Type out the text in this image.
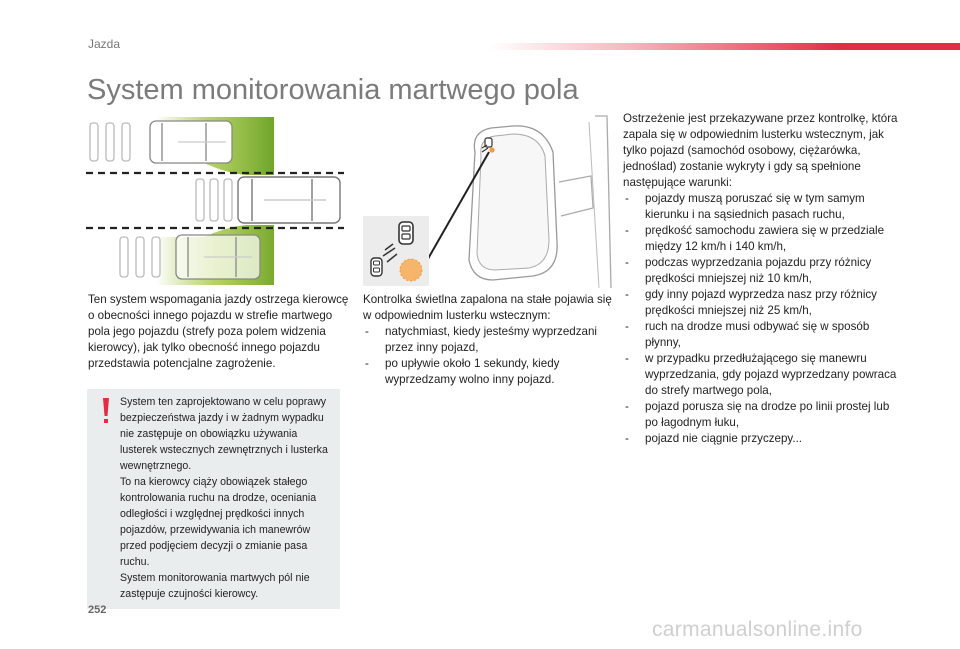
Jazda
System monitorowania martwego pola
Ten system wspomagania jazdy ostrzega kierowcę o obecności innego pojazdu w strefie martwego pola jego pojazdu (strefy poza polem widzenia kierowcy), jak tylko obecność innego pojazdu przedstawia potencjalne zagrożenie.
System ten zaprojektowano w celu poprawy bezpieczeństwa jazdy i w żadnym wypadku nie zastępuje on obowiązku używania lusterek wstecznych zewnętrznych i lusterka wewnętrznego.
To na kierowcy ciąży obowiązek stałego kontrolowania ruchu na drodze, oceniania odległości i względnej prędkości innych pojazdów, przewidywania ich manewrów przed podjęciem decyzji o zmianie pasa ruchu.
System monitorowania martwych pól nie zastępuje czujności kierowcy.
Kontrolka świetlna zapalona na stałe pojawia się w odpowiednim lusterku wstecznym:
- natychmiast, kiedy jesteśmy wyprzedzani przez inny pojazd,
- po upływie około 1 sekundy, kiedy wyprzedzamy wolno inny pojazd.
Ostrzeżenie jest przekazywane przez kontrolkę, która zapala się w odpowiednim lusterku wstecznym, jak tylko pojazd (samochód osobowy, ciężarówka, jednoślad) zostanie wykryty i gdy są spełnione następujące warunki:
- pojazdy muszą poruszać się w tym samym kierunku i na sąsiednich pasach ruchu,
- prędkość samochodu zawiera się w przedziale między 12 km/h i 140 km/h,
- podczas wyprzedzania pojazdu przy różnicy prędkości mniejszej niż 10 km/h,
- gdy inny pojazd wyprzedza nasz przy różnicy prędkości mniejszej niż 25 km/h,
- ruch na drodze musi odbywać się w sposób płynny,
- w przypadku przedłużającego się manewru wyprzedzania, gdy pojazd wyprzedzany powraca do strefy martwego pola,
- pojazd porusza się na drodze po linii prostej lub po łagodnym łuku,
- pojazd nie ciągnie przyczepy...
252
carmanualsonline.info
